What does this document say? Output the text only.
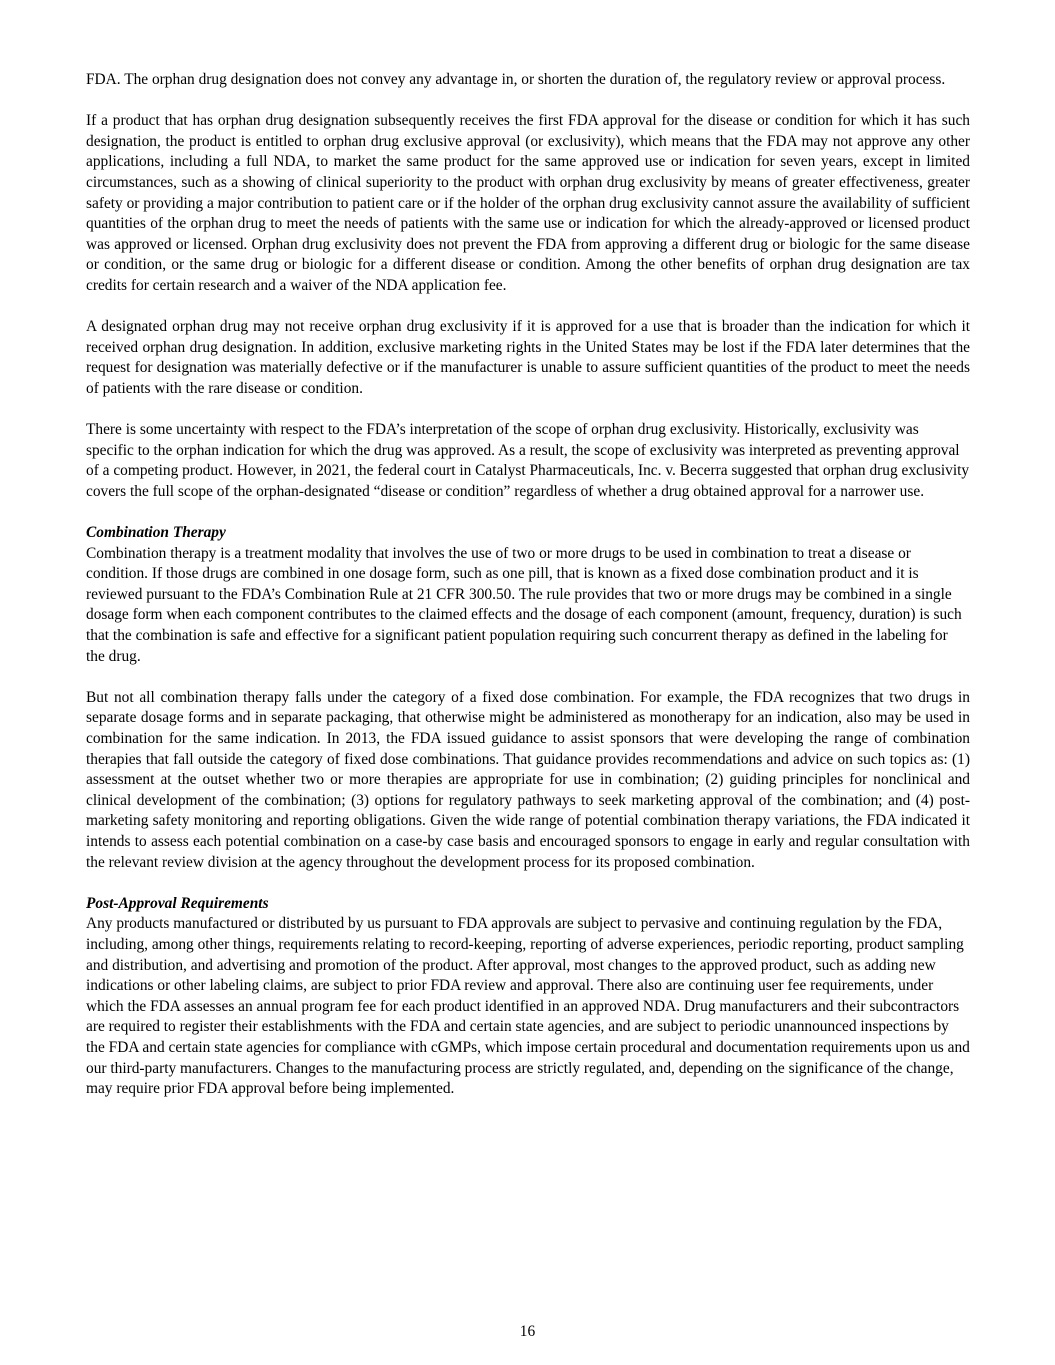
FDA. The orphan drug designation does not convey any advantage in, or shorten the duration of, the regulatory review or approval process.

If a product that has orphan drug designation subsequently receives the first FDA approval for the disease or condition for which it has such designation, the product is entitled to orphan drug exclusive approval (or exclusivity), which means that the FDA may not approve any other applications, including a full NDA, to market the same product for the same approved use or indication for seven years, except in limited circumstances, such as a showing of clinical superiority to the product with orphan drug exclusivity by means of greater effectiveness, greater safety or providing a major contribution to patient care or if the holder of the orphan drug exclusivity cannot assure the availability of sufficient quantities of the orphan drug to meet the needs of patients with the same use or indication for which the already-approved or licensed product was approved or licensed. Orphan drug exclusivity does not prevent the FDA from approving a different drug or biologic for the same disease or condition, or the same drug or biologic for a different disease or condition. Among the other benefits of orphan drug designation are tax credits for certain research and a waiver of the NDA application fee.

A designated orphan drug may not receive orphan drug exclusivity if it is approved for a use that is broader than the indication for which it received orphan drug designation. In addition, exclusive marketing rights in the United States may be lost if the FDA later determines that the request for designation was materially defective or if the manufacturer is unable to assure sufficient quantities of the product to meet the needs of patients with the rare disease or condition.

There is some uncertainty with respect to the FDA’s interpretation of the scope of orphan drug exclusivity. Historically, exclusivity was specific to the orphan indication for which the drug was approved. As a result, the scope of exclusivity was interpreted as preventing approval of a competing product. However, in 2021, the federal court in Catalyst Pharmaceuticals, Inc. v. Becerra suggested that orphan drug exclusivity covers the full scope of the orphan-designated “disease or condition” regardless of whether a drug obtained approval for a narrower use.

Combination Therapy

Combination therapy is a treatment modality that involves the use of two or more drugs to be used in combination to treat a disease or condition. If those drugs are combined in one dosage form, such as one pill, that is known as a fixed dose combination product and it is reviewed pursuant to the FDA’s Combination Rule at 21 CFR 300.50. The rule provides that two or more drugs may be combined in a single dosage form when each component contributes to the claimed effects and the dosage of each component (amount, frequency, duration) is such that the combination is safe and effective for a significant patient population requiring such concurrent therapy as defined in the labeling for the drug.

But not all combination therapy falls under the category of a fixed dose combination. For example, the FDA recognizes that two drugs in separate dosage forms and in separate packaging, that otherwise might be administered as monotherapy for an indication, also may be used in combination for the same indication. In 2013, the FDA issued guidance to assist sponsors that were developing the range of combination therapies that fall outside the category of fixed dose combinations. That guidance provides recommendations and advice on such topics as: (1) assessment at the outset whether two or more therapies are appropriate for use in combination; (2) guiding principles for nonclinical and clinical development of the combination; (3) options for regulatory pathways to seek marketing approval of the combination; and (4) post-marketing safety monitoring and reporting obligations. Given the wide range of potential combination therapy variations, the FDA indicated it intends to assess each potential combination on a case-by case basis and encouraged sponsors to engage in early and regular consultation with the relevant review division at the agency throughout the development process for its proposed combination.

Post-Approval Requirements

Any products manufactured or distributed by us pursuant to FDA approvals are subject to pervasive and continuing regulation by the FDA, including, among other things, requirements relating to record-keeping, reporting of adverse experiences, periodic reporting, product sampling and distribution, and advertising and promotion of the product. After approval, most changes to the approved product, such as adding new indications or other labeling claims, are subject to prior FDA review and approval. There also are continuing user fee requirements, under which the FDA assesses an annual program fee for each product identified in an approved NDA. Drug manufacturers and their subcontractors are required to register their establishments with the FDA and certain state agencies, and are subject to periodic unannounced inspections by the FDA and certain state agencies for compliance with cGMPs, which impose certain procedural and documentation requirements upon us and our third-party manufacturers. Changes to the manufacturing process are strictly regulated, and, depending on the significance of the change, may require prior FDA approval before being implemented.

16
